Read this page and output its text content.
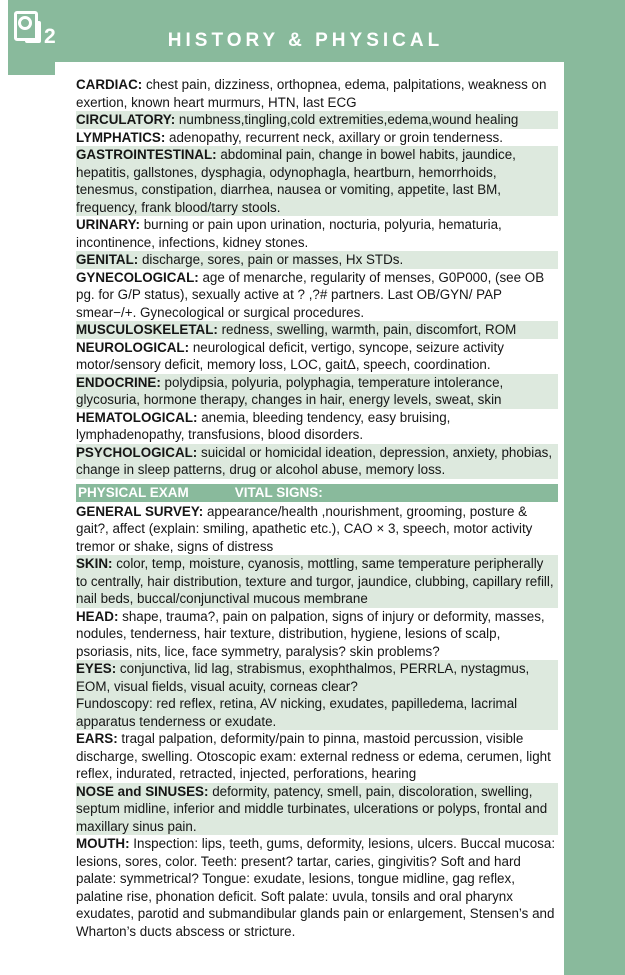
2	HISTORY & PHYSICAL

CARDIAC: chest pain, dizziness, orthopnea, edema, palpitations, weakness on exertion, known heart murmurs, HTN, last ECG

CIRCULATORY: numbness,tingling,cold extremities,edema,wound healing

LYMPHATICS: adenopathy, recurrent neck, axillary or groin tenderness.

GASTROINTESTINAL: abdominal pain, change in bowel habits, jaundice, hepatitis, gallstones, dysphagia, odynophagla, heartburn, hemorrhoids, tenesmus, constipation, diarrhea, nausea or vomiting, appetite, last BM, frequency, frank blood/tarry stools.

URINARY: burning or pain upon urination, nocturia, polyuria, hematuria, incontinence, infections, kidney stones.

GENITAL: discharge, sores, pain or masses, Hx STDs.

GYNECOLOGICAL: age of menarche, regularity of menses, G0P000, (see OB pg. for G/P status), sexually active at ? ,?# partners. Last OB/GYN/ PAP smear−/+. Gynecological or surgical procedures.

MUSCULOSKELETAL: redness, swelling, warmth, pain, discomfort, ROM

NEUROLOGICAL: neurological deficit, vertigo, syncope, seizure activity motor/sensory deficit, memory loss, LOC, gaitΔ, speech, coordination.

ENDOCRINE: polydipsia, polyuria, polyphagia, temperature intolerance, glycosuria, hormone therapy, changes in hair, energy levels, sweat, skin

HEMATOLOGICAL: anemia, bleeding tendency, easy bruising, lymphadenopathy, transfusions, blood disorders.

PSYCHOLOGICAL: suicidal or homicidal ideation, depression, anxiety, phobias, change in sleep patterns, drug or alcohol abuse, memory loss.

PHYSICAL EXAM	VITAL SIGNS:

GENERAL SURVEY: appearance/health ,nourishment, grooming, posture & gait?, affect (explain: smiling, apathetic etc.), CAO × 3, speech, motor activity tremor or shake, signs of distress

SKIN: color, temp, moisture, cyanosis, mottling, same temperature peripherally to centrally, hair distribution, texture and turgor, jaundice, clubbing, capillary refill, nail beds, buccal/conjunctival mucous membrane

HEAD: shape, trauma?, pain on palpation, signs of injury or deformity, masses, nodules, tenderness, hair texture, distribution, hygiene, lesions of scalp, psoriasis, nits, lice, face symmetry, paralysis? skin problems?

EYES: conjunctiva, lid lag, strabismus, exophthalmos, PERRLA, nystagmus, EOM, visual fields, visual acuity, corneas clear?

Fundoscopy: red reflex, retina, AV nicking, exudates, papilledema, lacrimal apparatus tenderness or exudate.

EARS: tragal palpation, deformity/pain to pinna, mastoid percussion, visible discharge, swelling. Otoscopic exam: external redness or edema, cerumen, light reflex, indurated, retracted, injected, perforations, hearing

NOSE and SINUSES: deformity, patency, smell, pain, discoloration, swelling, septum midline, inferior and middle turbinates, ulcerations or polyps, frontal and maxillary sinus pain.

MOUTH: Inspection: lips, teeth, gums, deformity, lesions, ulcers. Buccal mucosa: lesions, sores, color. Teeth: present? tartar, caries, gingivitis? Soft and hard palate: symmetrical? Tongue: exudate, lesions, tongue midline, gag reflex, palatine rise, phonation deficit. Soft palate: uvula, tonsils and oral pharynx exudates, parotid and submandibular glands pain or enlargement, Stensen’s and Wharton’s ducts abscess or stricture.
